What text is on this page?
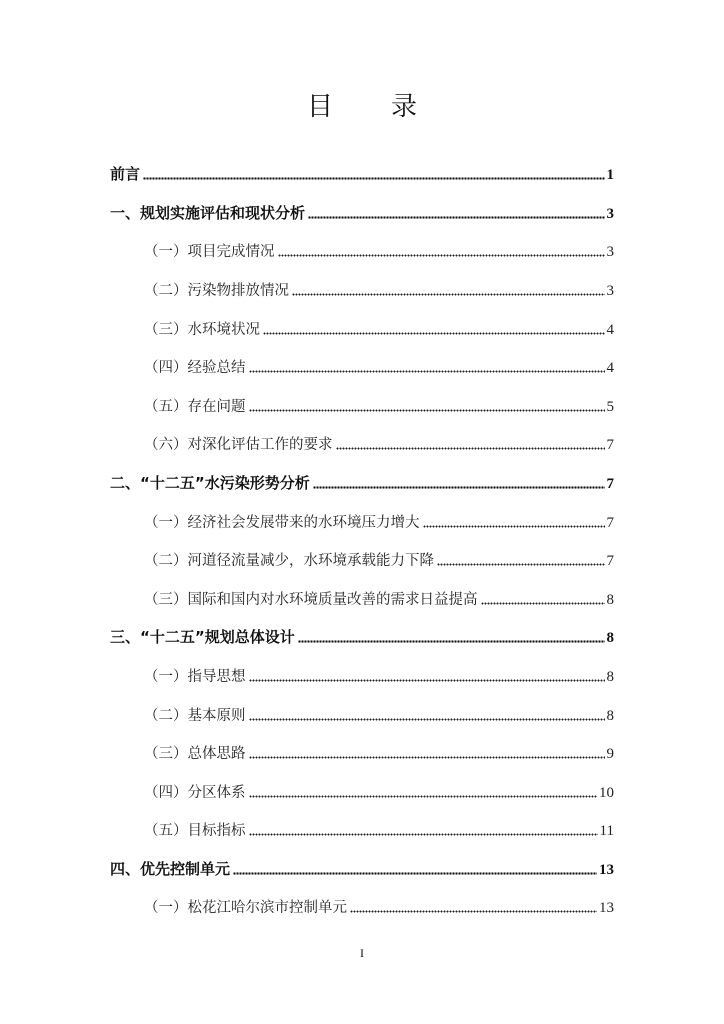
目 录
前言	1
一、规划实施评估和现状分析	3
（一）项目完成情况	3
（二）污染物排放情况	3
（三）水环境状况	4
（四）经验总结	4
（五）存在问题	5
（六）对深化评估工作的要求	7
二、“十二五”水污染形势分析	7
（一）经济社会发展带来的水环境压力增大	7
（二）河道径流量减少，水环境承载能力下降	7
（三）国际和国内对水环境质量改善的需求日益提高	8
三、“十二五”规划总体设计	8
（一）指导思想	8
（二）基本原则	8
（三）总体思路	9
（四）分区体系	10
（五）目标指标	11
四、优先控制单元	13
（一）松花江哈尔滨市控制单元	13
I
